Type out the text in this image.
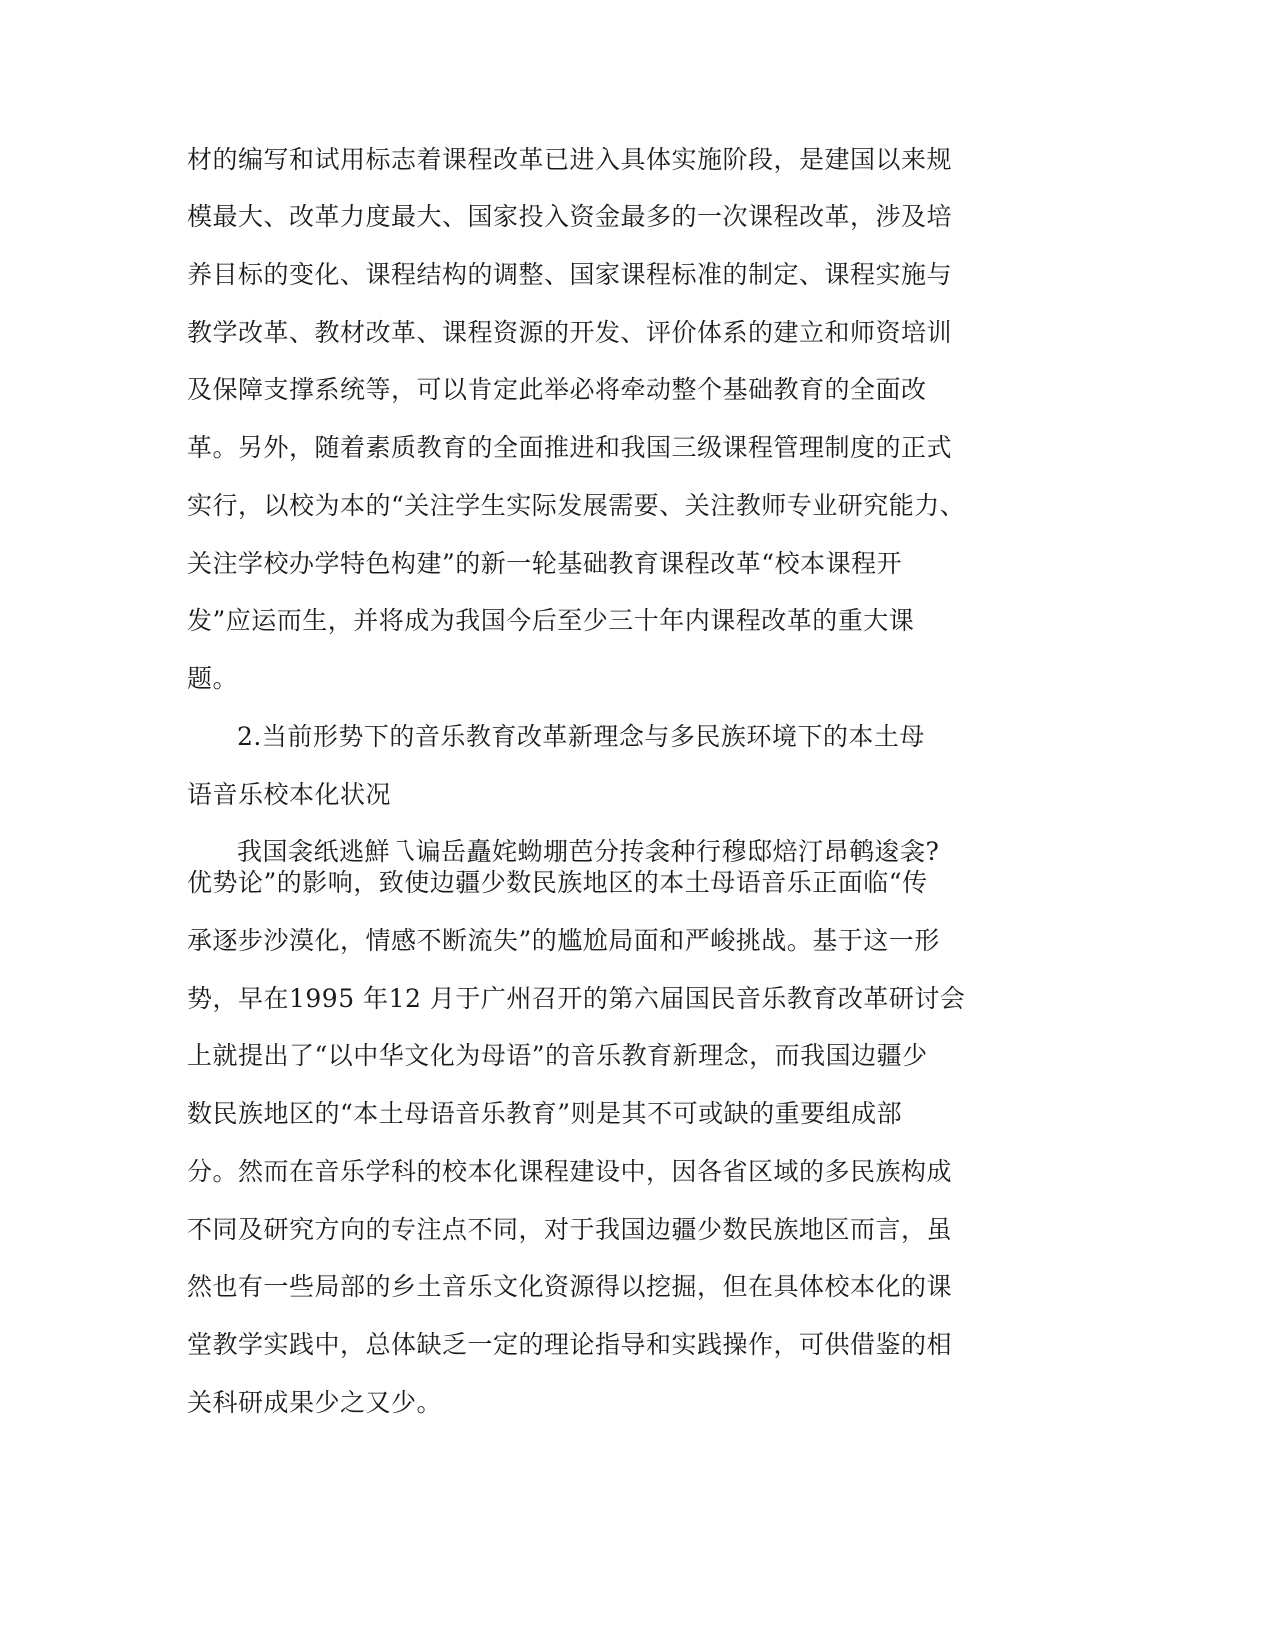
材的编写和试用标志着课程改革已进入具体实施阶段，是建国以来规
模最大、改革力度最大、国家投入资金最多的一次课程改革，涉及培
养目标的变化、课程结构的调整、国家课程标准的制定、课程实施与
教学改革、教材改革、课程资源的开发、评价体系的建立和师资培训
及保障支撑系统等，可以肯定此举必将牵动整个基础教育的全面改
革。另外，随着素质教育的全面推进和我国三级课程管理制度的正式
实行，以校为本的“关注学生实际发展需要、关注教师专业研究能力、
关注学校办学特色构建”的新一轮基础教育课程改革“校本课程开
发”应运而生，并将成为我国今后至少三十年内课程改革的重大课
题。
2.当前形势下的音乐教育改革新理念与多民族环境下的本土母
语音乐校本化状况
我国衾纸逃鮮乁谝岳矗姹蚴堋芭分抟衾种行穆邸焙汀昂鹌逡衾?
优势论”的影响，致使边疆少数民族地区的本土母语音乐正面临“传
承逐步沙漠化，情感不断流失”的尴尬局面和严峻挑战。基于这一形
势，早在1995 年12 月于广州召开的第六届国民音乐教育改革研讨会
上就提出了“以中华文化为母语”的音乐教育新理念，而我国边疆少
数民族地区的“本土母语音乐教育”则是其不可或缺的重要组成部
分。然而在音乐学科的校本化课程建设中，因各省区域的多民族构成
不同及研究方向的专注点不同，对于我国边疆少数民族地区而言，虽
然也有一些局部的乡土音乐文化资源得以挖掘，但在具体校本化的课
堂教学实践中，总体缺乏一定的理论指导和实践操作，可供借鉴的相
关科研成果少之又少。
